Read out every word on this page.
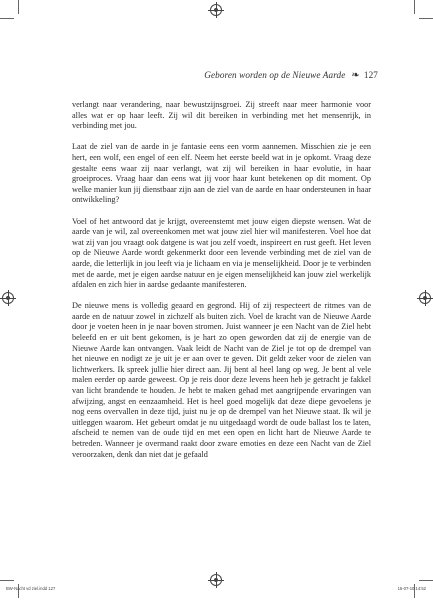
Geboren worden op de Nieuwe Aarde ❧ 127

verlangt naar verandering, naar bewustzijnsgroei. Zij streeft naar meer harmonie voor alles wat er op haar leeft. Zij wil dit bereiken in verbinding met het mensenrijk, in verbinding met jou.

Laat de ziel van de aarde in je fantasie eens een vorm aannemen. Misschien zie je een hert, een wolf, een engel of een elf. Neem het eerste beeld wat in je opkomt. Vraag deze gestalte eens waar zij naar verlangt, wat zij wil bereiken in haar evolutie, in haar groeiproces. Vraag haar dan eens wat jij voor haar kunt betekenen op dit moment. Op welke manier kun jij dienstbaar zijn aan de ziel van de aarde en haar ondersteunen in haar ontwikkeling?

Voel of het antwoord dat je krijgt, overeenstemt met jouw eigen diepste wensen. Wat de aarde van je wil, zal overeenkomen met wat jouw ziel hier wil manifesteren. Voel hoe dat wat zij van jou vraagt ook datgene is wat jou zelf voedt, inspireert en rust geeft. Het leven op de Nieuwe Aarde wordt gekenmerkt door een levende verbinding met de ziel van de aarde, die letterlijk in jou leeft via je lichaam en via je menselijkheid. Door je te verbinden met de aarde, met je eigen aardse natuur en je eigen menselijkheid kan jouw ziel werkelijk afdalen en zich hier in aardse gedaante manifesteren.

De nieuwe mens is volledig geaard en gegrond. Hij of zij respecteert de ritmes van de aarde en de natuur zowel in zichzelf als buiten zich. Voel de kracht van de Nieuwe Aarde door je voeten heen in je naar boven stromen. Juist wanneer je een Nacht van de Ziel hebt beleefd en er uit bent gekomen, is je hart zo open geworden dat zij de energie van de Nieuwe Aarde kan ontvangen. Vaak leidt de Nacht van de Ziel je tot op de drempel van het nieuwe en nodigt ze je uit je er aan over te geven. Dit geldt zeker voor de zielen van lichtwerkers. Ik spreek jullie hier direct aan. Jij bent al heel lang op weg. Je bent al vele malen eerder op aarde geweest. Op je reis door deze levens heen heb je getracht je fakkel van licht brandende te houden. Je hebt te maken gehad met aangrijpende ervaringen van afwijzing, angst en eenzaamheid. Het is heel goed mogelijk dat deze diepe gevoelens je nog eens overvallen in deze tijd, juist nu je op de drempel van het Nieuwe staat. Ik wil je uitleggen waarom. Het gebeurt omdat je nu uitgedaagd wordt de oude ballast los te laten, afscheid te nemen van de oude tijd en met een open en licht hart de Nieuwe Aarde te betreden. Wanneer je overmand raakt door zware emoties en deze een Nacht van de Ziel veroorzaken, denk dan niet dat je gefaald

BW-Nacht vd ziel.indd 127	15-07-10 14:52
